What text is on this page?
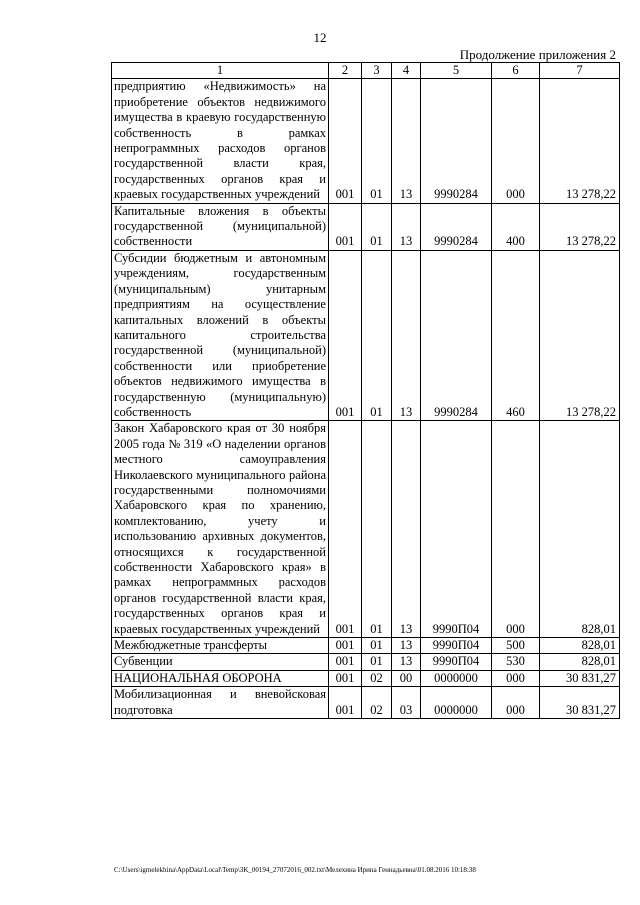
12
Продолжение приложения 2
1	2	3	4	5	6	7
предприятию «Недвижимость» на приобретение объектов недвижимого имущества в краевую государственную собственность в рамках непрограммных расходов органов государственной власти края, государственных органов края и краевых государственных учреждений	001	01	13	9990284	000	13 278,22
Капитальные вложения в объекты государственной (муниципальной) собственности	001	01	13	9990284	400	13 278,22
Субсидии бюджетным и автономным учреждениям, государственным (муниципальным) унитарным предприятиям на осуществление капитальных вложений в объекты капитального строительства государственной (муниципальной) собственности или приобретение объектов недвижимого имущества в государственную (муниципальную) собственность	001	01	13	9990284	460	13 278,22
Закон Хабаровского края от 30 ноября 2005 года № 319 «О наделении органов местного самоуправления Николаевского муниципального района государственными полномочиями Хабаровского края по хранению, комплектованию, учету и использованию архивных документов, относящихся к государственной собственности Хабаровского края» в рамках непрограммных расходов органов государственной власти края, государственных органов края и краевых государственных учреждений	001	01	13	9990П04	000	828,01
Межбюджетные трансферты	001	01	13	9990П04	500	828,01
Субвенции	001	01	13	9990П04	530	828,01
НАЦИОНАЛЬНАЯ ОБОРОНА	001	02	00	0000000	000	30 831,27
Мобилизационная и вневойсковая подготовка	001	02	03	0000000	000	30 831,27
C:\Users\igmelekhina\AppData\Local\Temp\3K_00194_27072016_002.txt\Мелехина Ирина Геннадьевна\01.08.2016 10:18:38
